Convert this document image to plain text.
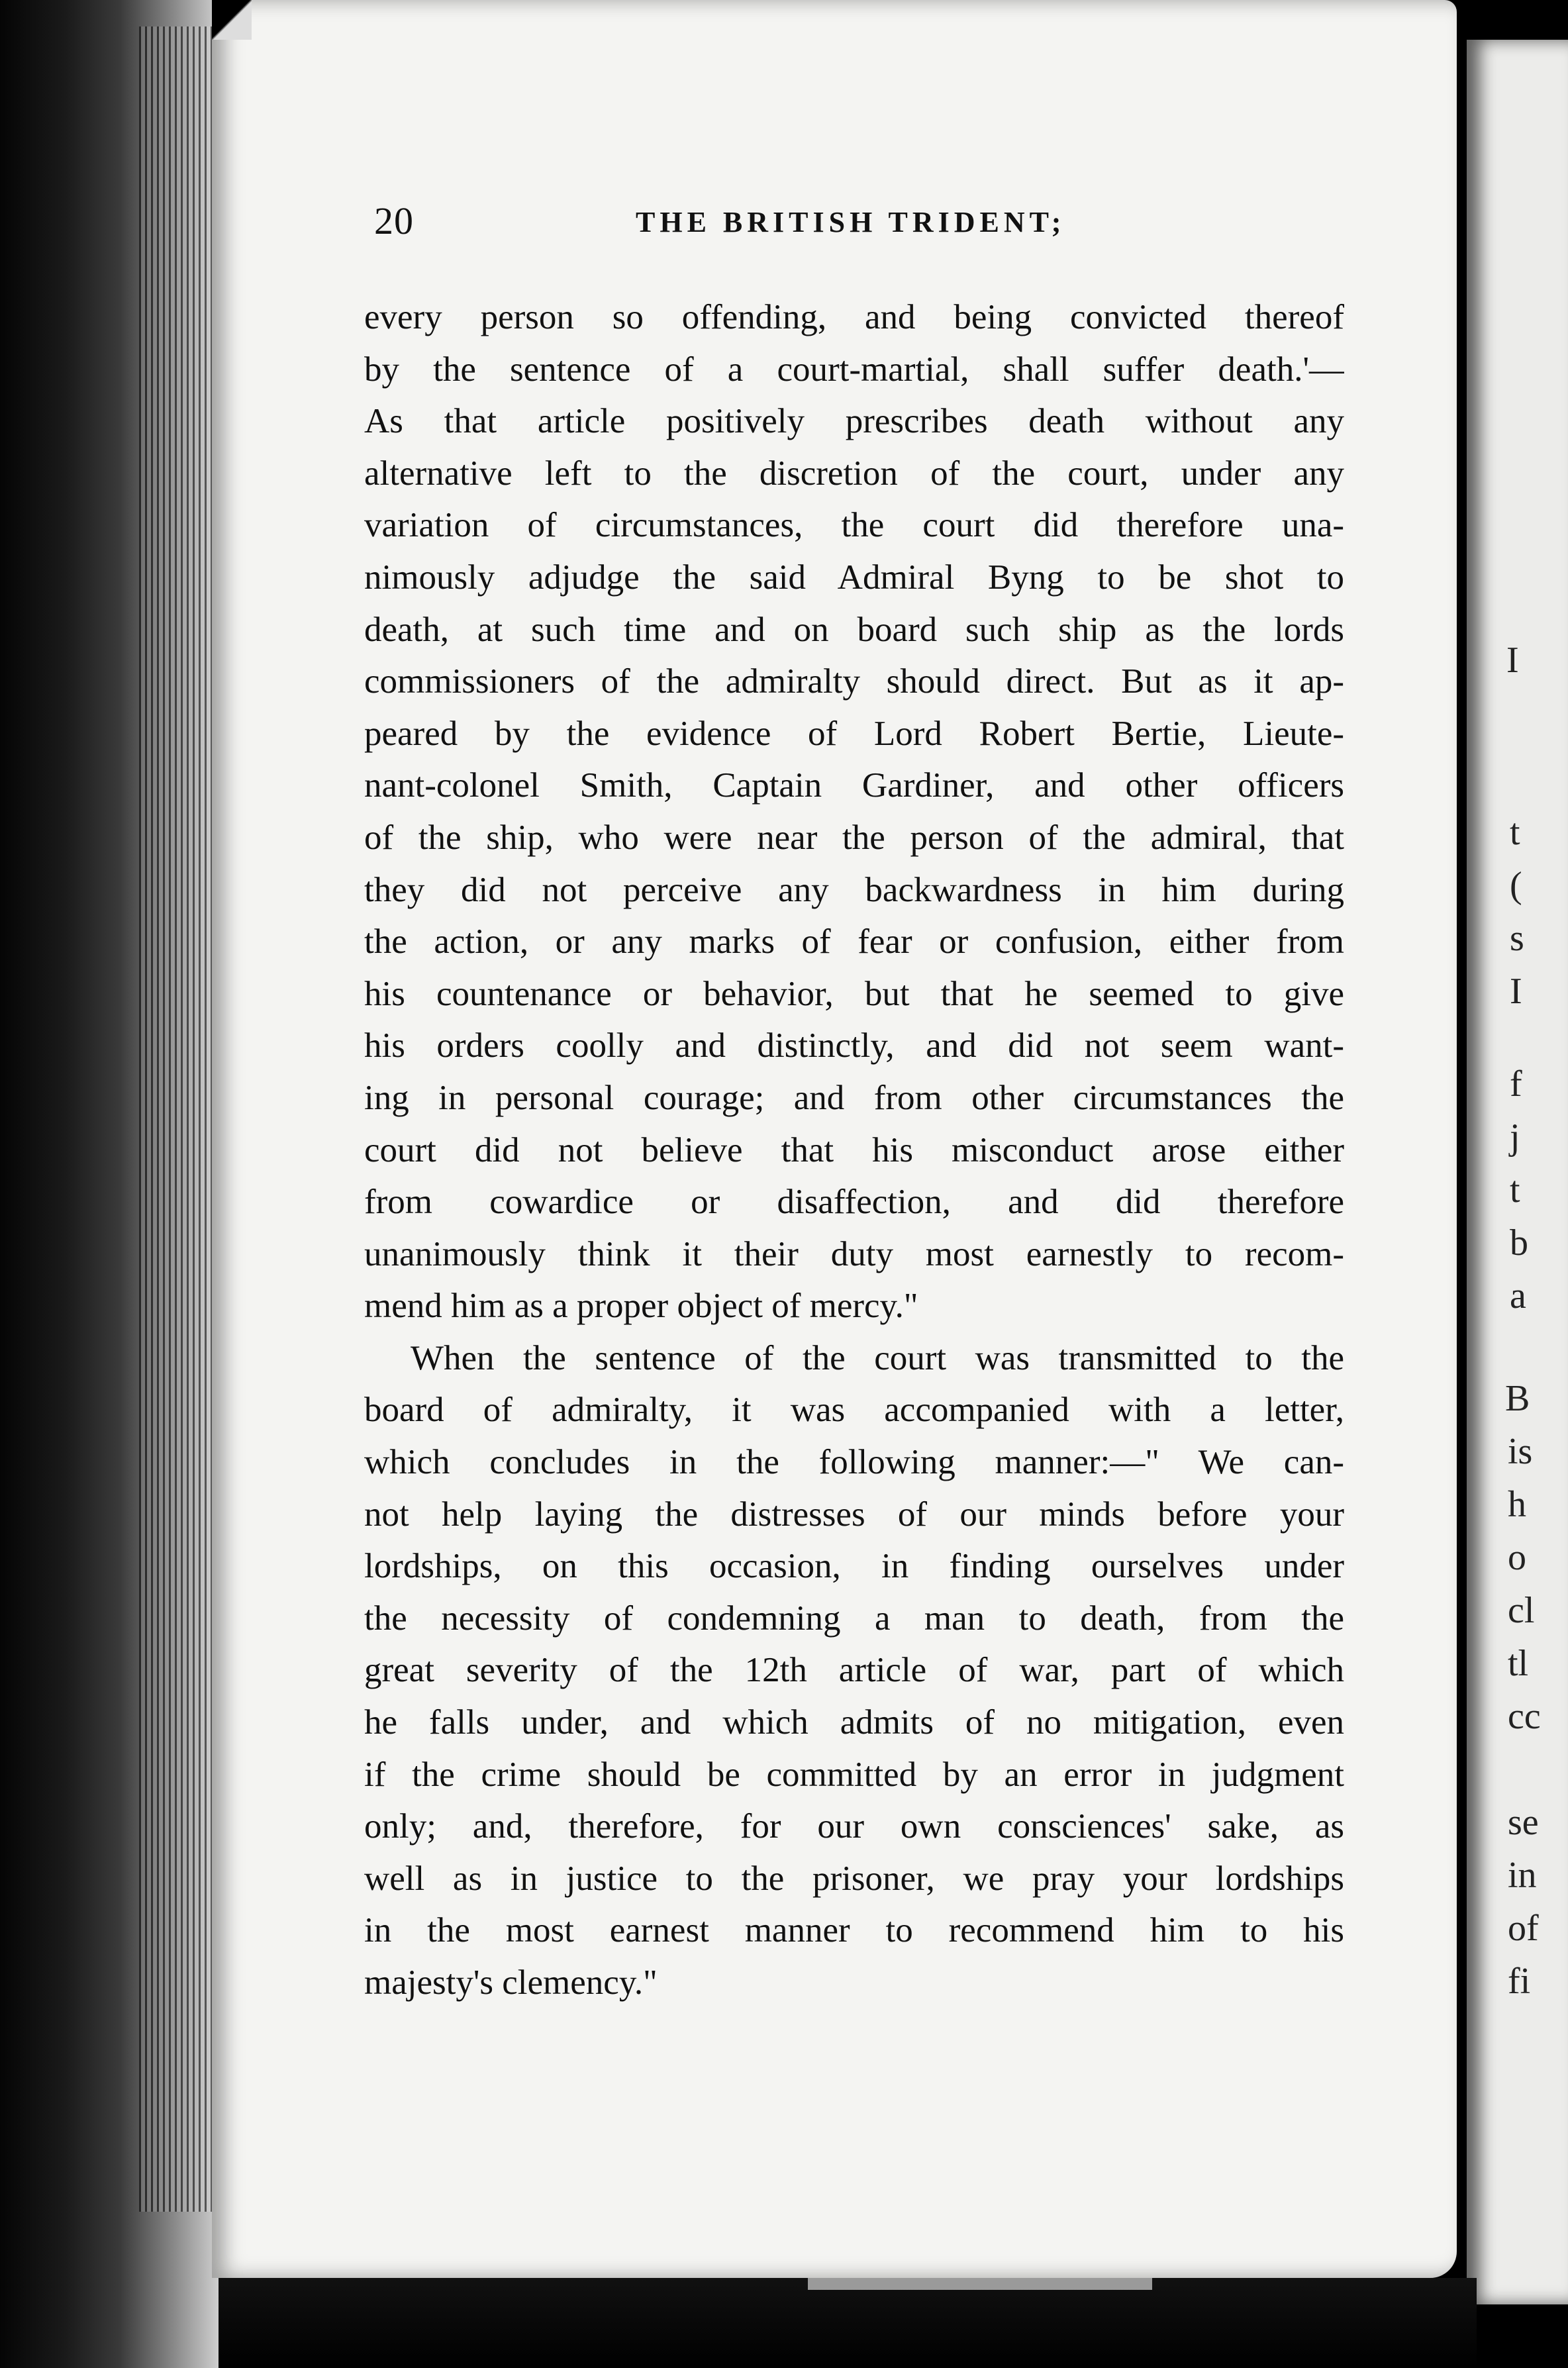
I
t
(
s
I
f
j
t
b
a
B
is
h
o
cl
tl
cc
se
in
of
fi
20	THE BRITISH TRIDENT;

every person so offending, and being convicted thereof
by the sentence of a court-martial, shall suffer death.'—
As that article positively prescribes death without any
alternative left to the discretion of the court, under any
variation of circumstances, the court did therefore una-
nimously adjudge the said Admiral Byng to be shot to
death, at such time and on board such ship as the lords
commissioners of the admiralty should direct. But as it ap-
peared by the evidence of Lord Robert Bertie, Lieute-
nant-colonel Smith, Captain Gardiner, and other officers
of the ship, who were near the person of the admiral, that
they did not perceive any backwardness in him during
the action, or any marks of fear or confusion, either from
his countenance or behavior, but that he seemed to give
his orders coolly and distinctly, and did not seem want-
ing in personal courage; and from other circumstances the
court did not believe that his misconduct arose either
from cowardice or disaffection, and did therefore
unanimously think it their duty most earnestly to recom-
mend him as a proper object of mercy."

When the sentence of the court was transmitted to the
board of admiralty, it was accompanied with a letter,
which concludes in the following manner:—" We can-
not help laying the distresses of our minds before your
lordships, on this occasion, in finding ourselves under
the necessity of condemning a man to death, from the
great severity of the 12th article of war, part of which
he falls under, and which admits of no mitigation, even
if the crime should be committed by an error in judgment
only; and, therefore, for our own consciences' sake, as
well as in justice to the prisoner, we pray your lordships
in the most earnest manner to recommend him to his
majesty's clemency."
